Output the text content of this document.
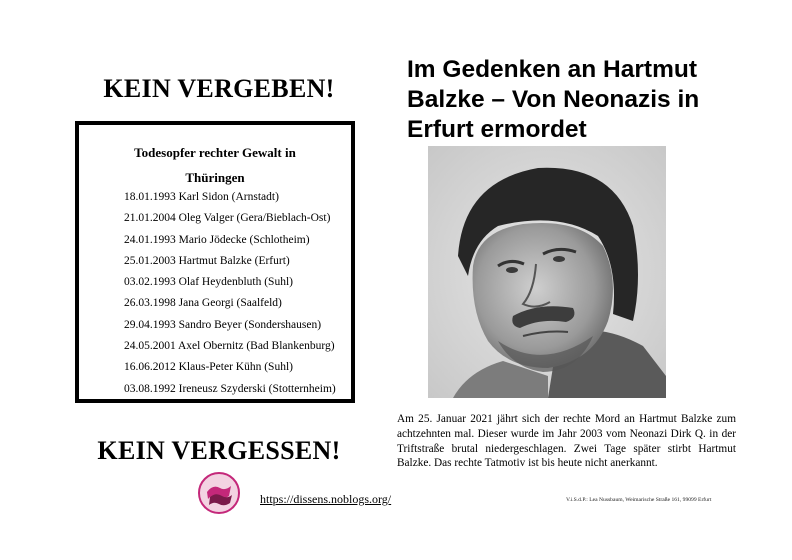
KEIN VERGEBEN!
Todesopfer rechter Gewalt in
Thüringen
18.01.1993 Karl Sidon (Arnstadt)
21.01.2004 Oleg Valger (Gera/Bieblach-Ost)
24.01.1993 Mario Jödecke (Schlotheim)
25.01.2003 Hartmut Balzke (Erfurt)
03.02.1993 Olaf Heydenbluth (Suhl)
26.03.1998 Jana Georgi (Saalfeld)
29.04.1993 Sandro Beyer (Sondershausen)
24.05.2001 Axel Obernitz (Bad Blankenburg)
16.06.2012 Klaus-Peter Kühn (Suhl)
03.08.1992 Ireneusz Szyderski (Stotternheim)
KEIN VERGESSEN!
https://dissens.noblogs.org/
Im Gedenken an Hartmut Balzke – Von Neonazis in Erfurt ermordet

Am 25. Januar 2021 jährt sich der rechte Mord an Hartmut Balzke zum achtzehnten mal. Dieser wurde im Jahr 2003 vom Neonazi Dirk Q. in der Triftstraße brutal niedergeschlagen. Zwei Tage später stirbt Hartmut Balzke. Das rechte Tatmotiv ist bis heute nicht anerkannt.

V.i.S.d.P.: Lea Nussbaum, Weimarische Straße 161, 99099 Erfurt
